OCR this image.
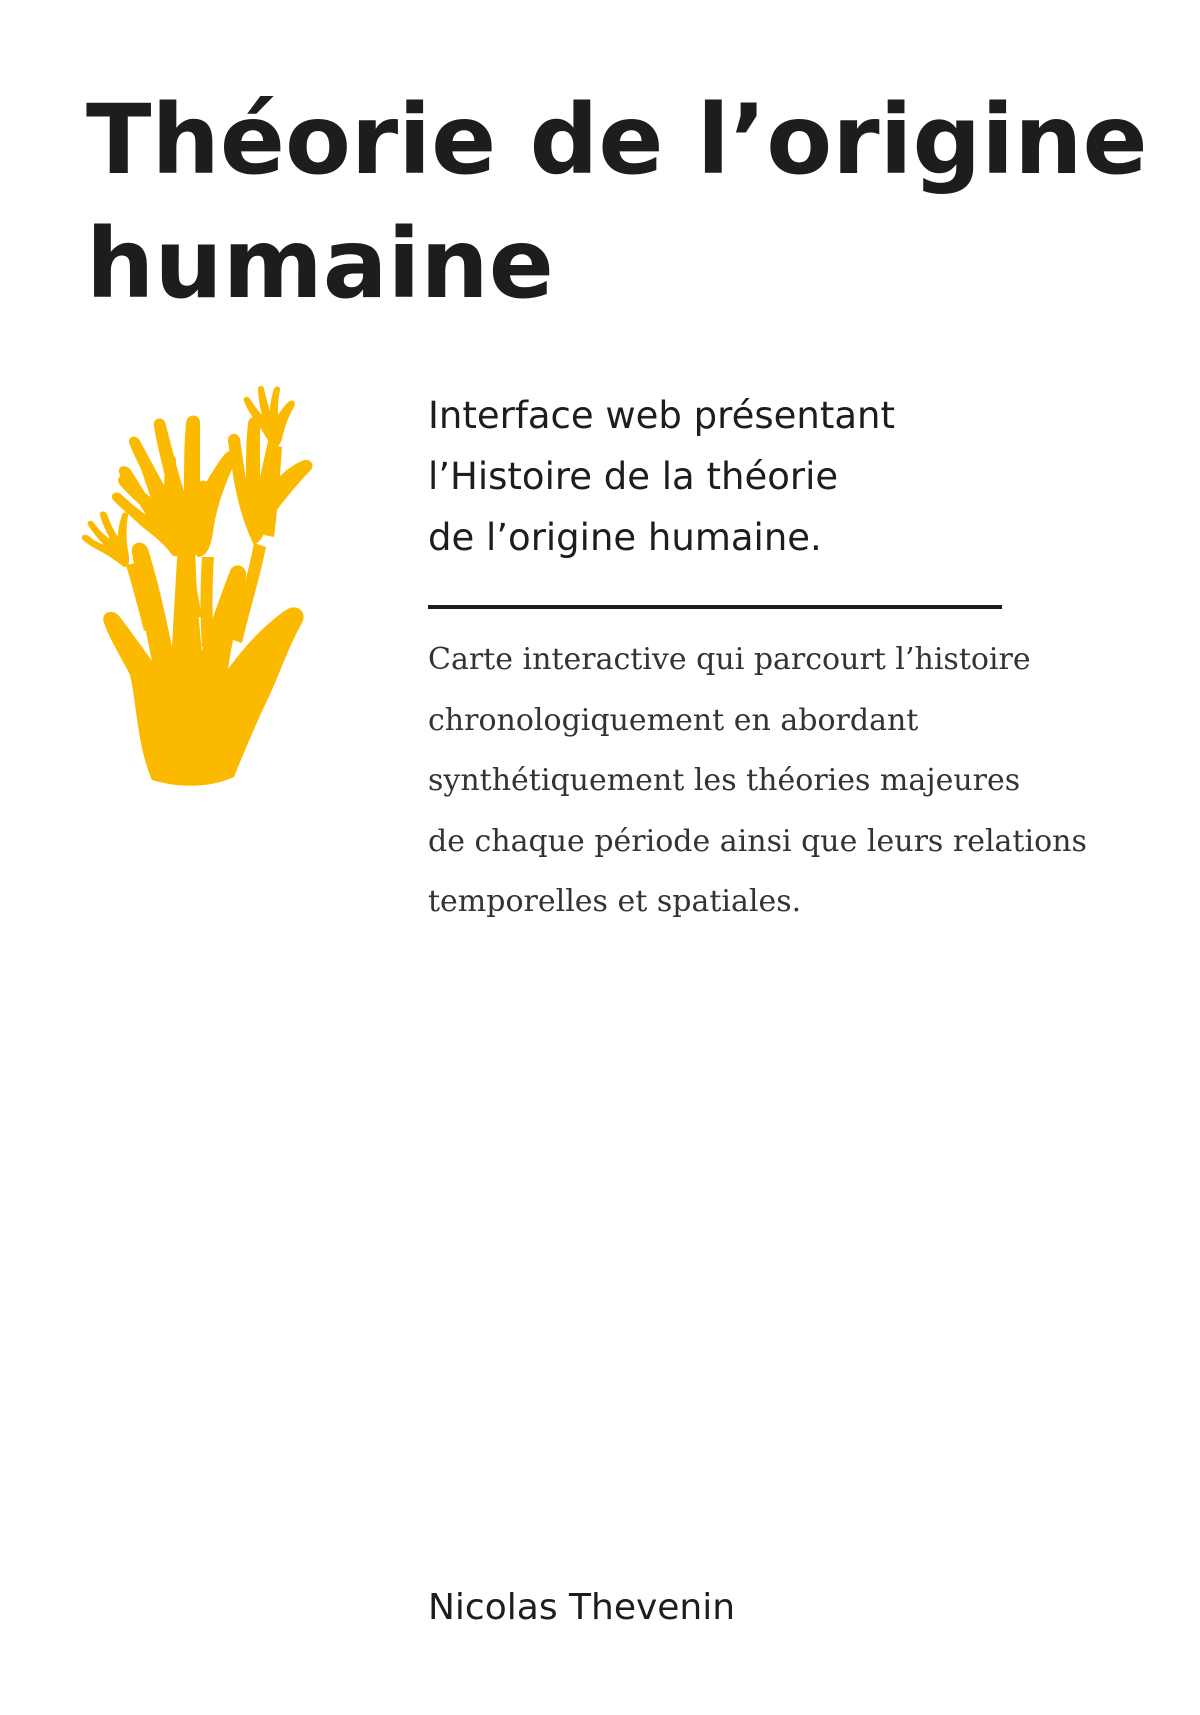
Théorie de l’origine
humaine
Interface web présentant
l’Histoire de la théorie
de l’origine humaine.

Carte interactive qui parcourt l’histoire
chronologiquement en abordant
synthétiquement les théories majeures
de chaque période ainsi que leurs relations
temporelles et spatiales.

Nicolas Thevenin
